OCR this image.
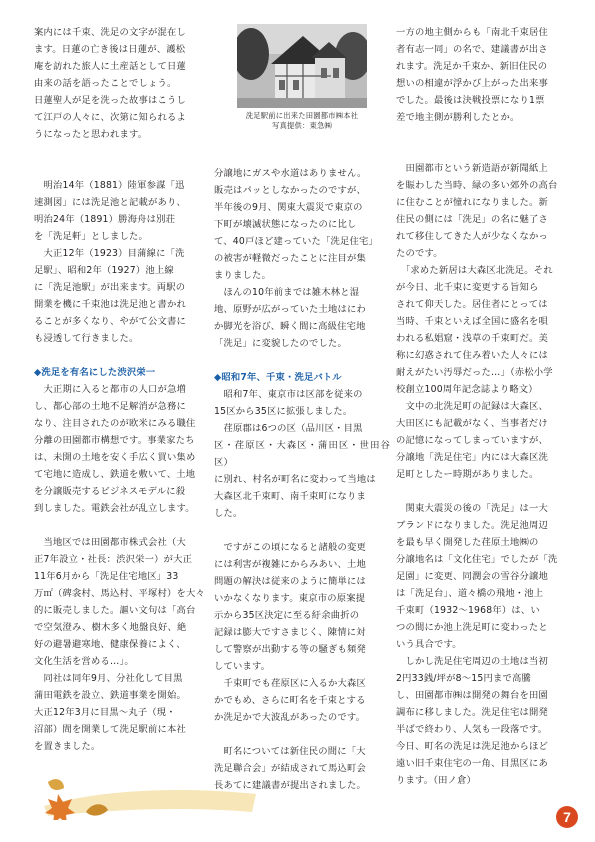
案内には千束、洗足の文字が混在し
ます。日蓮の亡き後は日蓮が、護松
庵を訪れた旅人に土産話として日蓮
由来の話を語ったことでしょう。
日蓮聖人が足を洗った故事はこうし
て江戸の人々に、次第に知られるよ
うになったと思われます。

　明治14年（1881）陸軍参謀「迅
速測図」には洗足池と記載があり、
明治24年（1891）勝海舟は別荘
を「洗足軒」としました。
　大正12年（1923）目蒲線に「洗
足駅」、昭和2年（1927）池上線
に「洗足池駅」が出来ます。両駅の
開業を機に千束池は洗足池と書かれ
ることが多くなり、やがて公文書に
も浸透して行きました。

◆洗足を有名にした渋沢栄一

　大正期に入ると都市の人口が急増
し、都心部の土地不足解消が急務に
なり、注目されたのが欧米にみる職住
分離の田園都市構想です。事業家たち
は、未開の土地を安く手広く買い集め
て宅地に造成し、鉄道を敷いて、土地
を分譲販売するビジネスモデルに殺
到しました。電鉄会社が乱立します。

　当地区では田園都市株式会社（大
正7年設立・社長：渋沢栄一）が大正
11年6月から「洗足住宅地区」33
万㎡（碑衾村、馬込村、平塚村）を大々
的に販売しました。謳い文句は「高台
で空気澄み、樹木多く地盤良好、絶
好の避暑避寒地、健康保養によく、
文化生活を営める…」。
　同社は同年9月、分社化して目黒
蒲田電鉄を設立、鉄道事業を開始。
大正12年3月に目黒～丸子（現・
沼部）間を開業して洗足駅前に本社
を置きました。

洗足駅前に出来た田園都市㈱本社
写真提供：東急㈱

分譲地にガスや水道はありません。
販売はパッとしなかったのですが、
半年後の9月、関東大震災で東京の
下町が壊滅状態になったのに比し
て、40戸ほど建っていた「洗足住宅」
の被害が軽微だったことに注目が集
まりました。
　ほんの10年前までは雑木林と湿
地、原野が広がっていた土地はにわ
か脚光を浴び、瞬く間に高級住宅地
「洗足」に変貌したのでした。

◆昭和7年、千束・洗足バトル

　昭和7年、東京市は区部を従来の
15区から35区に拡張しました。
　荏原郡は6つの区（品川区・目黒
区・荏原区・大森区・蒲田区・世田谷区）
に別れ、村名が町名に変わって当地は
大森区北千束町、南千束町になりま
した。

　ですがこの頃になると諸般の変更
には利害が複雑にからみあい、土地
問題の解決は従来のように簡単には
いかなくなります。東京市の原案提
示から35区決定に至る紆余曲折の
記録は膨大ですさまじく、陳情に対
して警察が出動する等の騒ぎも頻発
しています。
　千束町でも荏原区に入るか大森区
かでもめ、さらに町名を千束とする
か洗足かで大波乱があったのです。

　町名については新住民の間に「大
洗足聯合会」が結成されて馬込町会
長あてに建議書が提出されました。

一方の地主側からも「南北千束居住
者有志一同」の名で、建議書が出さ
れます。洗足か千束か、新旧住民の
想いの相違が浮かび上がった出来事
でした。最後は決戦投票になり1票
差で地主側が勝利したとか。

　田園都市という新造語が新聞紙上
を賑わした当時、緑の多い郊外の高台
に住むことが憧れになりました。新
住民の側には「洗足」の名に魅了さ
れて移住してきた人が少なくなかっ
たのです。
　「求めた新居は大森区北洗足。それ
が今日、北千束に変更する旨知ら
されて仰天した。居住者にとっては
当時、千束といえば全国に盛名を唄
われる私娼窟・浅草の千束町だ。美
称に幻惑されて住み着いた人々には
耐えがたい汚辱だった…」（赤松小学
校創立100周年記念誌より略文）
　文中の北洗足町の記録は大森区、
大田区にも記載がなく、当事者だけ
の記憶になってしまっていますが、
分譲地「洗足住宅」内には大森区洗
足町としたー時期がありました。

　関東大震災の後の「洗足」は一大
ブランドになりました。洗足池周辺
を最も早く開発した荏原土地㈱の
分譲地名は「文化住宅」でしたが「洗
足園」に変更、同潤会の雪谷分譲地
は「洗足台」、道々橋の飛地・池上
千束町（1932～1968年）は、い
つの間にか池上洗足町に変わったと
いう具合です。
　しかし洗足住宅周辺の土地は当初
2円33銭/坪が8～15円まで高騰
し、田園都市㈱は開発の舞台を田園
調布に移しました。洗足住宅は開発
半ばで終わり、人気も一段落です。
今日、町名の洗足は洗足池からほど
遠い旧千束住宅の一角、目黒区にあ
ります。（田ノ倉）

7
